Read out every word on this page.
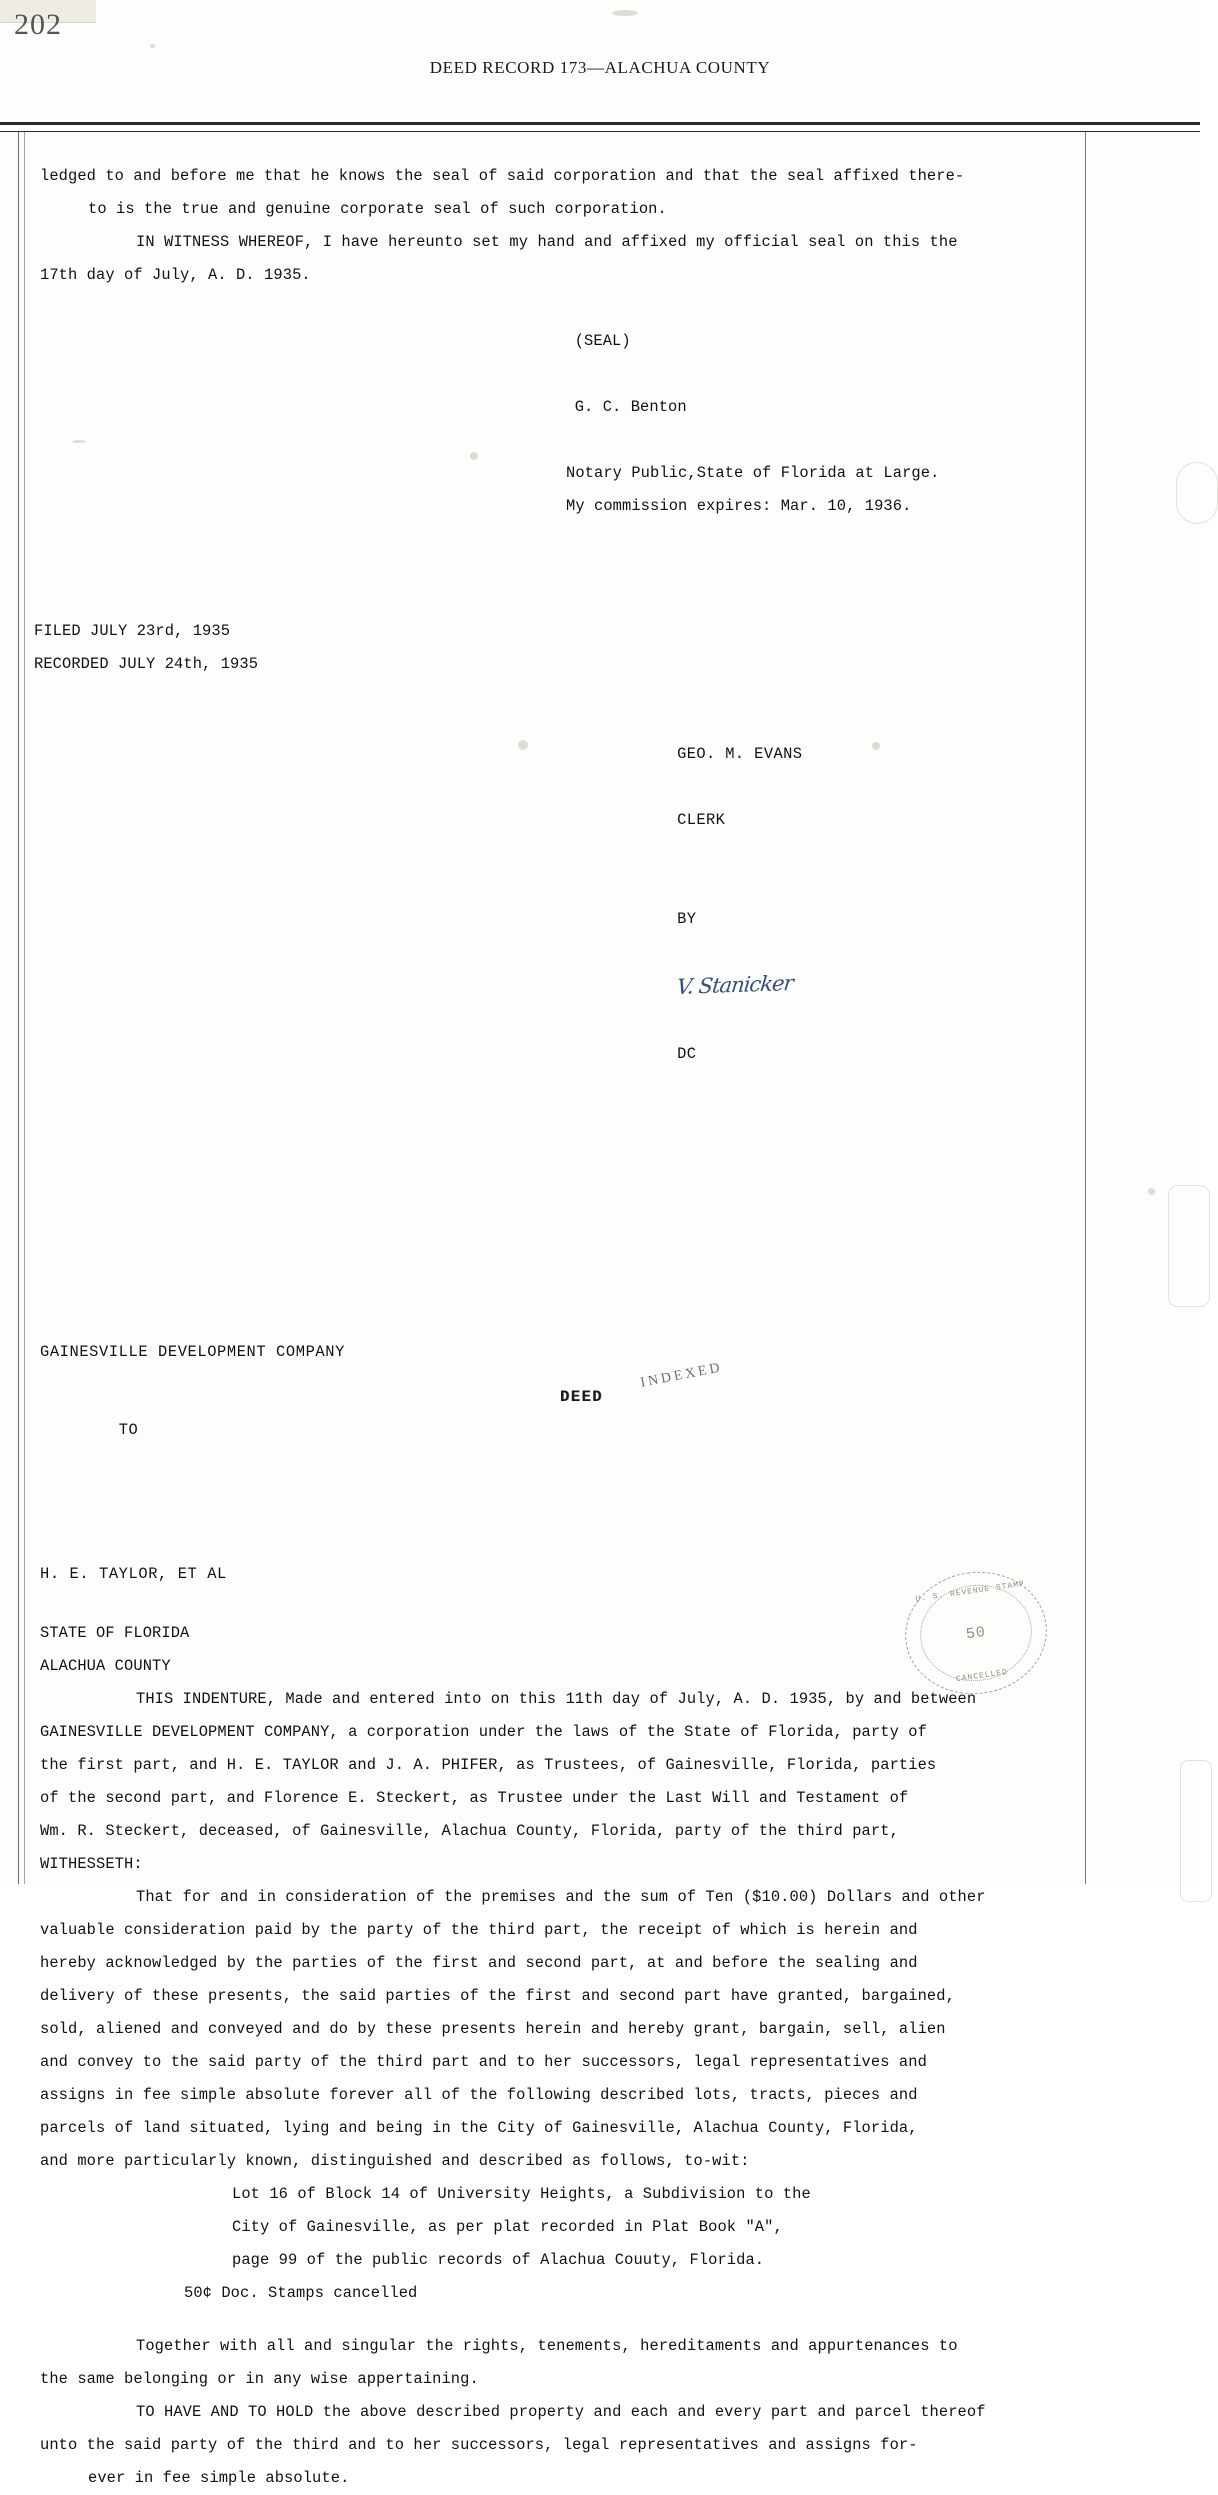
202
DEED RECORD 173—ALACHUA COUNTY
ledged to and before me that he knows the seal of said corporation and that the seal affixed there-
to is the true and genuine corporate seal of such corporation.
IN WITNESS WHEREOF, I have hereunto set my hand and affixed my official seal on this the
17th day of July, A. D. 1935.

(SEAL)

G. C. Benton

Notary Public,State of Florida at Large.
My commission expires: Mar. 10, 1936.
FILED JULY 23rd, 1935
RECORDED JULY 24th, 1935

GEO. M. EVANS

CLERK

BY

V. Stanicker

DC

GAINESVILLE DEVELOPMENT COMPANY

TO

DEED

INDEXED

H. E. TAYLOR, ET AL
STATE OF FLORIDA
ALACHUA COUNTY
THIS INDENTURE, Made and entered into on this 11th day of July, A. D. 1935, by and between
GAINESVILLE DEVELOPMENT COMPANY, a corporation under the laws of the State of Florida, party of
the first part, and H. E. TAYLOR and J. A. PHIFER, as Trustees, of Gainesville, Florida, parties
of the second part, and Florence E. Steckert, as Trustee under the Last Will and Testament of
Wm. R. Steckert, deceased, of Gainesville, Alachua County, Florida, party of the third part,
WITHESSETH:
That for and in consideration of the premises and the sum of Ten ($10.00) Dollars and other
valuable consideration paid by the party of the third part, the receipt of which is herein and
hereby acknowledged by the parties of the first and second part, at and before the sealing and
delivery of these presents, the said parties of the first and second part have granted, bargained,
sold, aliened and conveyed and do by these presents herein and hereby grant, bargain, sell, alien
and convey to the said party of the third part and to her successors, legal representatives and
assigns in fee simple absolute forever all of the following described lots, tracts, pieces and
parcels of land situated, lying and being in the City of Gainesville, Alachua County, Florida,
and more particularly known, distinguished and described as follows, to-wit:
Lot 16 of Block 14 of University Heights, a Subdivision to the
City of Gainesville, as per plat recorded in Plat Book "A",
page 99 of the public records of Alachua Couuty, Florida.
50¢ Doc. Stamps cancelled
Together with all and singular the rights, tenements, hereditaments and appurtenances to
the same belonging or in any wise appertaining.
TO HAVE AND TO HOLD the above described property and each and every part and parcel thereof
unto the said party of the third and to her successors, legal representatives and assigns for-
ever in fee simple absolute.
U. S. REVENUE STAMP
50
CANCELLED
